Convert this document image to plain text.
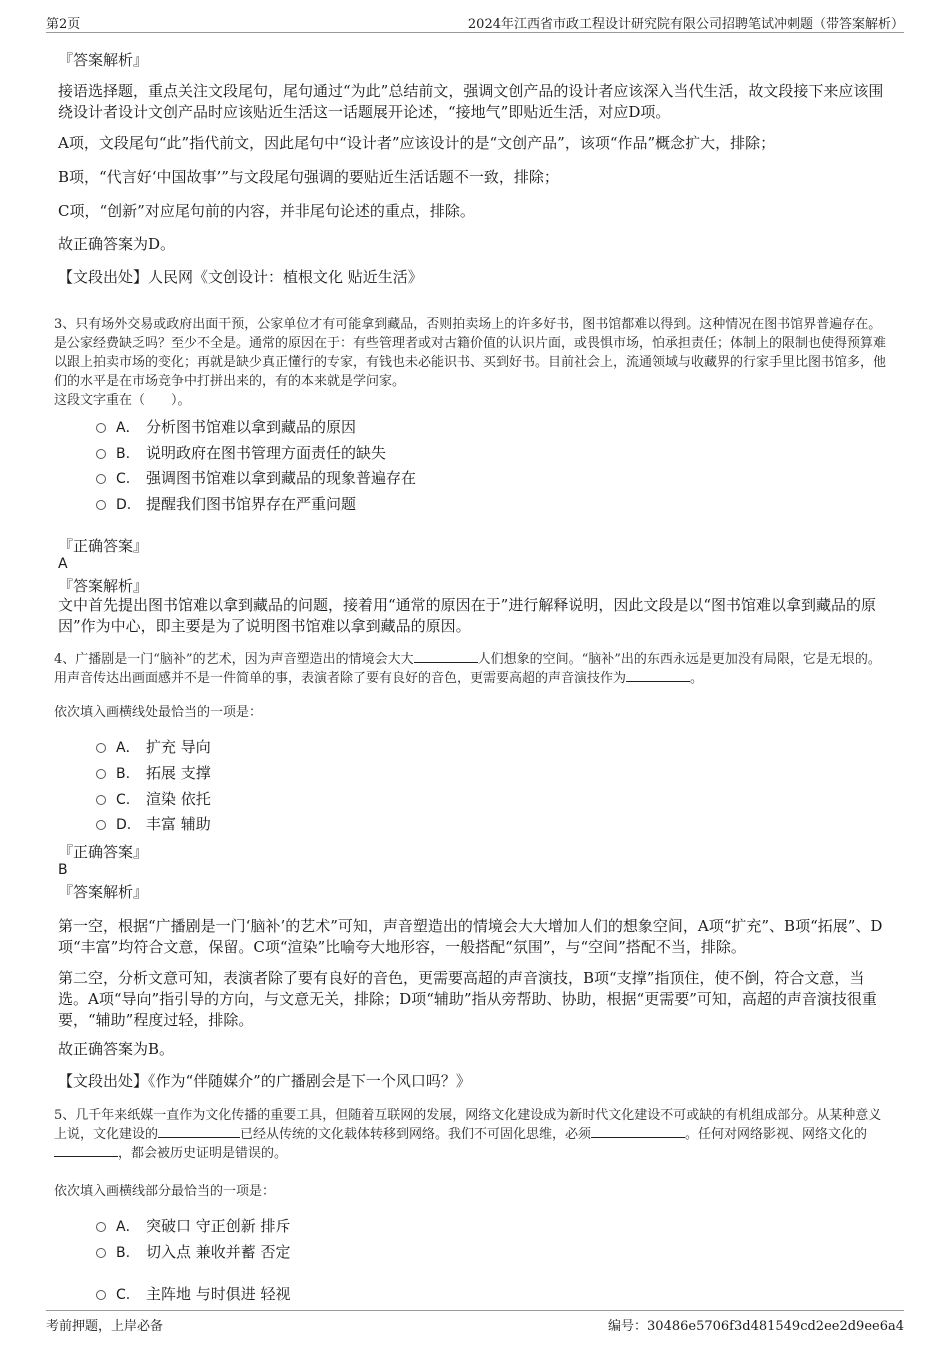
第2页	2024年江西省市政工程设计研究院有限公司招聘笔试冲刺题（带答案解析）

『答案解析』

接语选择题，重点关注文段尾句，尾句通过“为此”总结前文，强调文创产品的设计者应该深入当代生活，故文段接下来应该围绕设计者设计文创产品时应该贴近生活这一话题展开论述，“接地气”即贴近生活，对应D项。

A项，文段尾句“此”指代前文，因此尾句中“设计者”应该设计的是“文创产品”，该项“作品”概念扩大，排除；

B项，“代言好‘中国故事’”与文段尾句强调的要贴近生活话题不一致，排除；

C项，“创新”对应尾句前的内容，并非尾句论述的重点，排除。

故正确答案为D。

【文段出处】人民网《文创设计：植根文化 贴近生活》

3、只有场外交易或政府出面干预，公家单位才有可能拿到藏品，否则拍卖场上的许多好书，图书馆都难以得到。这种情况在图书馆界普遍存在。是公家经费缺乏吗？至少不全是。通常的原因在于：有些管理者或对古籍价值的认识片面，或畏惧市场，怕承担责任；体制上的限制也使得预算难以跟上拍卖市场的变化；再就是缺少真正懂行的专家，有钱也未必能识书、买到好书。目前社会上，流通领域与收藏界的行家手里比图书馆多，他们的水平是在市场竞争中打拼出来的，有的本来就是学问家。

这段文字重在（　　）。

A． 分析图书馆难以拿到藏品的原因
B. 说明政府在图书管理方面责任的缺失
C. 强调图书馆难以拿到藏品的现象普遍存在
D. 提醒我们图书馆界存在严重问题

『正确答案』

A

『答案解析』

文中首先提出图书馆难以拿到藏品的问题，接着用“通常的原因在于”进行解释说明，因此文段是以“图书馆难以拿到藏品的原因”作为中心，即主要是为了说明图书馆难以拿到藏品的原因。

4、广播剧是一门“脑补”的艺术，因为声音塑造出的情境会大大	人们想象的空间。“脑补”出的东西永远是更加没有局限，它是无垠的。用声音传达出画面感并不是一件简单的事，表演者除了要有良好的音色，更需要高超的声音演技作为	。

依次填入画横线处最恰当的一项是：

A． 扩充 导向
B. 拓展 支撑
C. 渲染 依托
D. 丰富 辅助

『正确答案』

B

『答案解析』

第一空，根据“广播剧是一门‘脑补’的艺术”可知，声音塑造出的情境会大大增加人们的想象空间，A项“扩充”、B项“拓展”、D项“丰富”均符合文意，保留。C项“渲染”比喻夸大地形容，一般搭配“氛围”，与“空间”搭配不当，排除。

第二空，分析文意可知，表演者除了要有良好的音色，更需要高超的声音演技，B项“支撑”指顶住，使不倒，符合文意，当选。A项“导向”指引导的方向，与文意无关，排除；D项“辅助”指从旁帮助、协助，根据“更需要”可知，高超的声音演技很重要，“辅助”程度过轻，排除。

故正确答案为B。

【文段出处】《作为“伴随媒介”的广播剧会是下一个风口吗？》

5、几千年来纸媒一直作为文化传播的重要工具，但随着互联网的发展，网络文化建设成为新时代文化建设不可或缺的有机组成部分。从某种意义上说，文化建设的	已经从传统的文化载体转移到网络。我们不可固化思维，必须	。任何对网络影视、网络文化的，都会被历史证明是错误的。

依次填入画横线部分最恰当的一项是：

A． 突破口 守正创新 排斥
B. 切入点 兼收并蓄 否定
C. 主阵地 与时俱进 轻视
考前押题，上岸必备	编号：30486e5706f3d481549cd2ee2d9ee6a4
